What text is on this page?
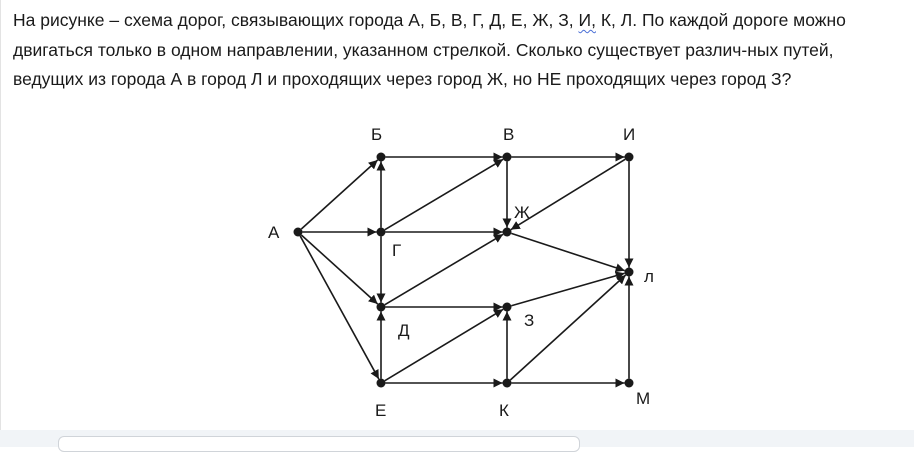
На рисунке – схема дорог, связывающих города А, Б, В, Г, Д, Е, Ж, З, И, К, Л. По каждой дороге можно двигаться только в одном направлении, указанном стрелкой. Сколько существует различ-ных путей, ведущих из города А в город Л и проходящих через город Ж, но НЕ проходящих через город З?

А
Б	В	И
Г
Ж
л
Д
З
Е	К
М
